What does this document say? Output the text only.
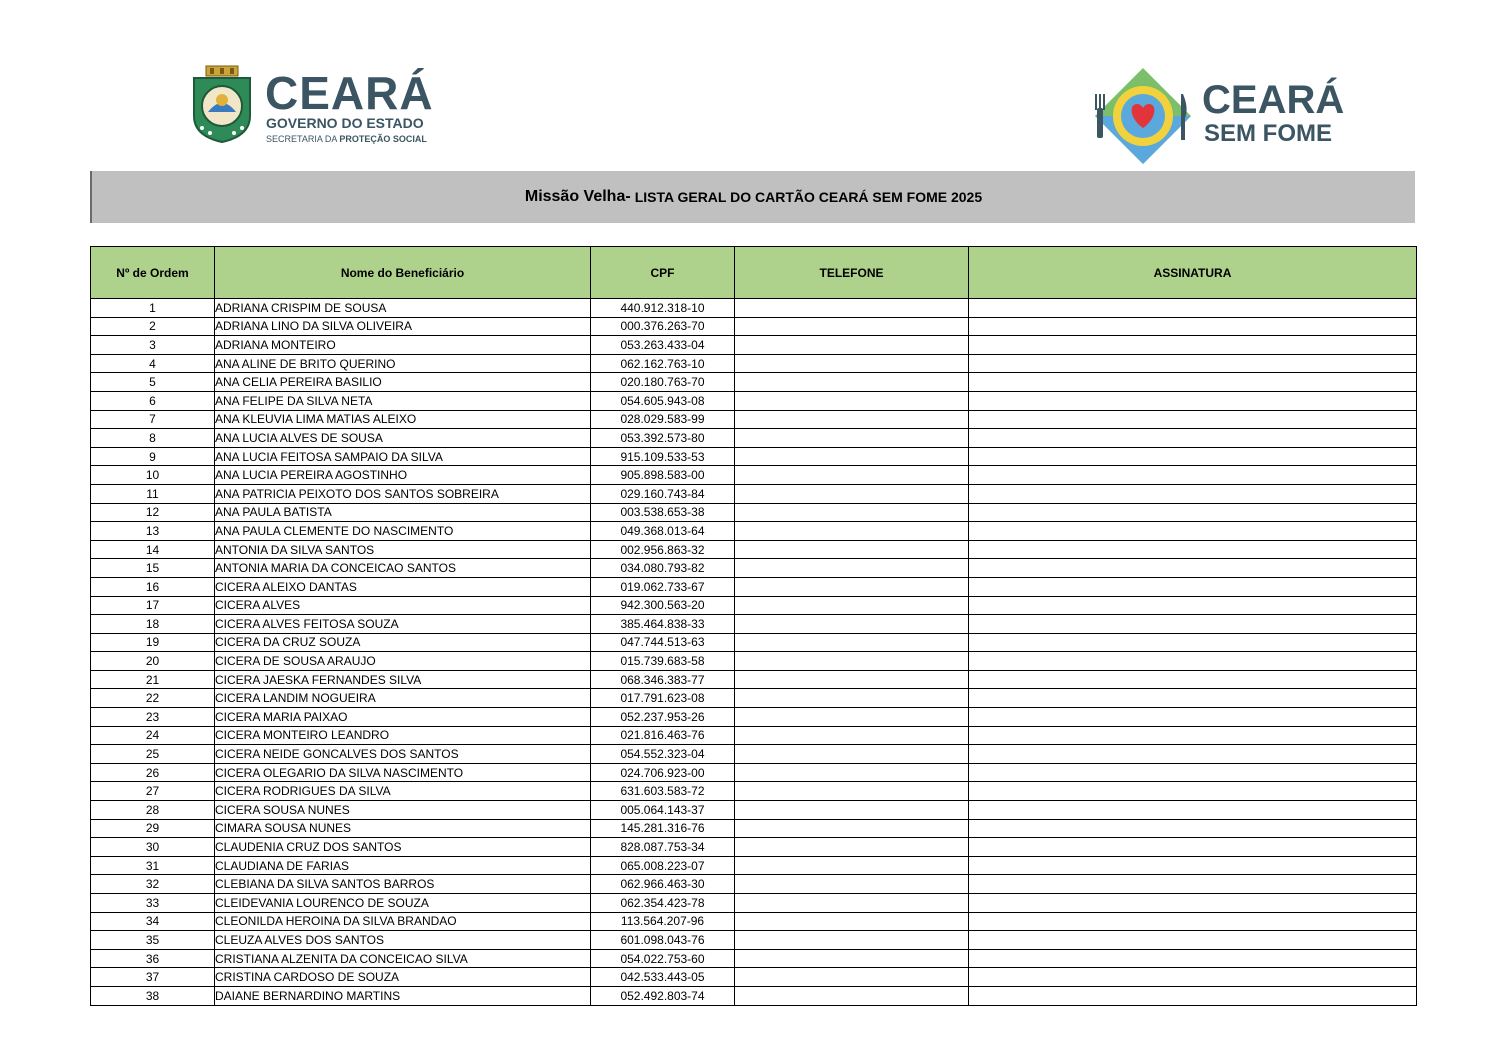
CEARÁ
GOVERNO DO ESTADO
SECRETARIA DA PROTEÇÃO SOCIAL
CEARÁ
SEM FOME
Missão Velha- LISTA GERAL DO CARTÃO CEARÁ SEM FOME 2025
Nº de Ordem	Nome do Beneficiário	CPF	TELEFONE	ASSINATURA
1	ADRIANA CRISPIM DE SOUSA	440.912.318-10		
2	ADRIANA LINO DA SILVA OLIVEIRA	000.376.263-70		
3	ADRIANA MONTEIRO	053.263.433-04		
4	ANA ALINE DE BRITO QUERINO	062.162.763-10		
5	ANA CELIA PEREIRA BASILIO	020.180.763-70		
6	ANA FELIPE DA SILVA NETA	054.605.943-08		
7	ANA KLEUVIA LIMA MATIAS ALEIXO	028.029.583-99		
8	ANA LUCIA ALVES DE SOUSA	053.392.573-80		
9	ANA LUCIA FEITOSA SAMPAIO DA SILVA	915.109.533-53		
10	ANA LUCIA PEREIRA AGOSTINHO	905.898.583-00		
11	ANA PATRICIA PEIXOTO DOS SANTOS SOBREIRA	029.160.743-84		
12	ANA PAULA BATISTA	003.538.653-38		
13	ANA PAULA CLEMENTE DO NASCIMENTO	049.368.013-64		
14	ANTONIA DA SILVA SANTOS	002.956.863-32		
15	ANTONIA MARIA DA CONCEICAO SANTOS	034.080.793-82		
16	CICERA ALEIXO DANTAS	019.062.733-67		
17	CICERA ALVES	942.300.563-20		
18	CICERA ALVES FEITOSA SOUZA	385.464.838-33		
19	CICERA DA CRUZ SOUZA	047.744.513-63		
20	CICERA DE SOUSA ARAUJO	015.739.683-58		
21	CICERA JAESKA FERNANDES SILVA	068.346.383-77		
22	CICERA LANDIM NOGUEIRA	017.791.623-08		
23	CICERA MARIA PAIXAO	052.237.953-26		
24	CICERA MONTEIRO LEANDRO	021.816.463-76		
25	CICERA NEIDE GONCALVES DOS SANTOS	054.552.323-04		
26	CICERA OLEGARIO DA SILVA NASCIMENTO	024.706.923-00		
27	CICERA RODRIGUES DA SILVA	631.603.583-72		
28	CICERA SOUSA NUNES	005.064.143-37		
29	CIMARA SOUSA NUNES	145.281.316-76		
30	CLAUDENIA CRUZ DOS SANTOS	828.087.753-34		
31	CLAUDIANA DE FARIAS	065.008.223-07		
32	CLEBIANA DA SILVA SANTOS BARROS	062.966.463-30		
33	CLEIDEVANIA LOURENCO DE SOUZA	062.354.423-78		
34	CLEONILDA HEROINA DA SILVA BRANDAO	113.564.207-96		
35	CLEUZA ALVES DOS SANTOS	601.098.043-76		
36	CRISTIANA ALZENITA DA CONCEICAO SILVA	054.022.753-60		
37	CRISTINA CARDOSO DE SOUZA	042.533.443-05		
38	DAIANE BERNARDINO MARTINS	052.492.803-74		
